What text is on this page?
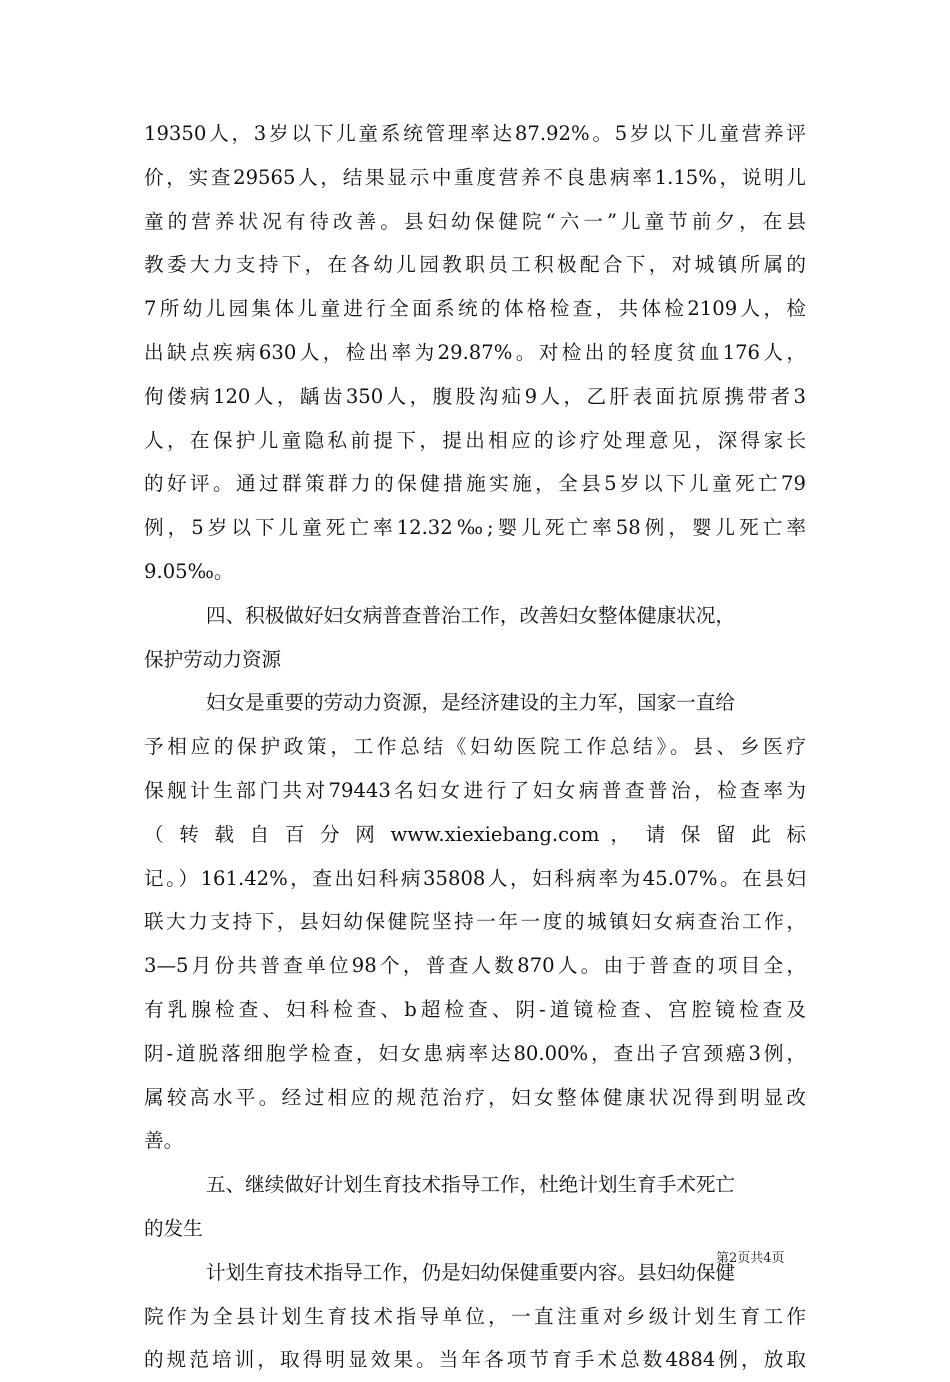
19350人，3岁以下儿童系统管理率达87.92%。5岁以下儿童营养评
价，实查29565人，结果显示中重度营养不良患病率1.15%，说明儿
童的营养状况有待改善。县妇幼保健院“六一”儿童节前夕，在县
教委大力支持下，在各幼儿园教职员工积极配合下，对城镇所属的
7所幼儿园集体儿童进行全面系统的体格检查，共体检2109人，检
出缺点疾病630人，检出率为29.87%。对检出的轻度贫血176人，
佝偻病120人，龋齿350人，腹股沟疝9人，乙肝表面抗原携带者3
人，在保护儿童隐私前提下，提出相应的诊疗处理意见，深得家长
的好评。通过群策群力的保健措施实施，全县5岁以下儿童死亡79
例，5岁以下儿童死亡率12.32‰;婴儿死亡率58例，婴儿死亡率
9.05‰。
四、积极做好妇女病普查普治工作，改善妇女整体健康状况，
保护劳动力资源
妇女是重要的劳动力资源，是经济建设的主力军，国家一直给
予相应的保护政策，工作总结《妇幼医院工作总结》。县、乡医疗
保舰计生部门共对79443名妇女进行了妇女病普查普治，检查率为
（ 转 载 自 百 分 网 www.xiexiebang.com ， 请 保 留 此 标
记。）161.42%，查出妇科病35808人，妇科病率为45.07%。在县妇
联大力支持下，县妇幼保健院坚持一年一度的城镇妇女病查治工作，
3—5月份共普查单位98个，普查人数870人。由于普查的项目全，
有乳腺检查、妇科检查、b超检查、阴-道镜检查、宫腔镜检查及
阴-道脱落细胞学检查，妇女患病率达80.00%，查出子宫颈癌3例，
属较高水平。经过相应的规范治疗，妇女整体健康状况得到明显改
善。
五、继续做好计划生育技术指导工作，杜绝计划生育手术死亡
的发生
计划生育技术指导工作，仍是妇幼保健重要内容。县妇幼保健
院作为全县计划生育技术指导单位，一直注重对乡级计划生育工作
的规范培训，取得明显效果。当年各项节育手术总数4884例，放取
第2页共4页
